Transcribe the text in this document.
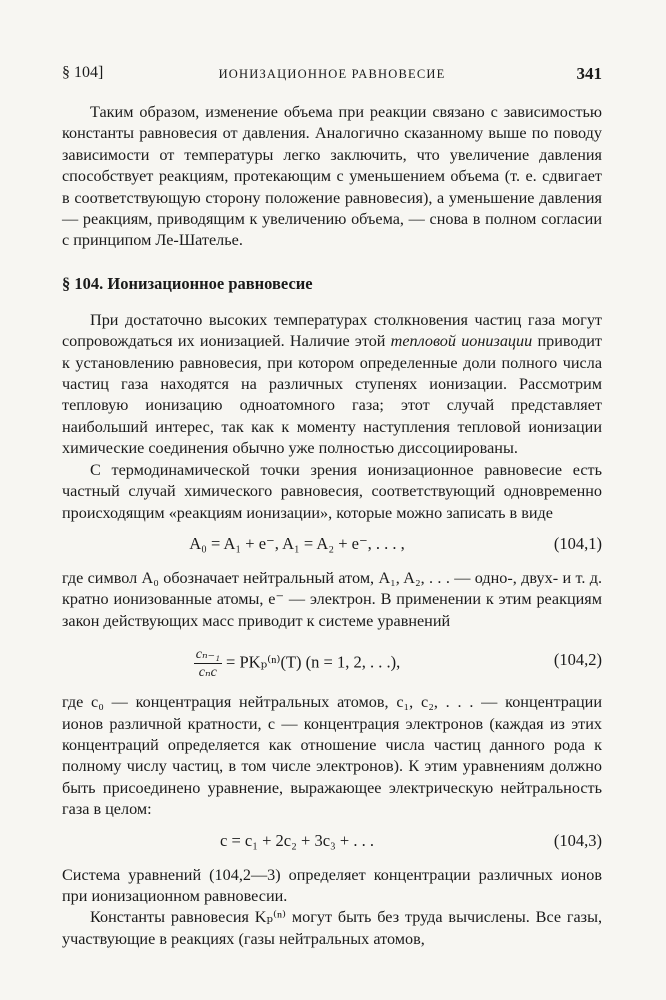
§ 104]	ИОНИЗАЦИОННОЕ РАВНОВЕСИЕ	341

Таким образом, изменение объема при реакции связано с зависимостью константы равновесия от давления. Аналогично сказанному выше по поводу зависимости от температуры легко заключить, что увеличение давления способствует реакциям, протекающим с уменьшением объема (т. е. сдвигает в соответствующую сторону положение равновесия), а уменьшение давления — реакциям, приводящим к увеличению объема, — снова в полном согласии с принципом Ле-Шателье.

§ 104. Ионизационное равновесие

При достаточно высоких температурах столкновения частиц газа могут сопровождаться их ионизацией. Наличие этой тепловой ионизации приводит к установлению равновесия, при котором определенные доли полного числа частиц газа находятся на различных ступенях ионизации. Рассмотрим тепловую ионизацию одноатомного газа; этот случай представляет наибольший интерес, так как к моменту наступления тепловой ионизации химические соединения обычно уже полностью диссоциированы.

С термодинамической точки зрения ионизационное равновесие есть частный случай химического равновесия, соответствующий одновременно происходящим «реакциям ионизации», которые можно записать в виде

A₀ = A₁ + e⁻, A₁ = A₂ + e⁻, . . . ,	(104,1)

где символ A₀ обозначает нейтральный атом, A₁, A₂, . . . — одно-, двух- и т. д. кратно ионизованные атомы, e⁻ — электрон. В применении к этим реакциям закон действующих масс приводит к системе уравнений

$\frac{\text{cₙ₋₁}}{\text{cₙc}} = PK_p^{(n)}(T) (n = 1$, 2, . . .),	(104,2)

где c₀ — концентрация нейтральных атомов, c₁, c₂, . . . — концентрации ионов различной кратности, c — концентрация электронов (каждая из этих концентраций определяется как отношение числа частиц данного рода к полному числу частиц, в том числе электронов). К этим уравнениям должно быть присоединено уравнение, выражающее электрическую нейтральность газа в целом:

c = c₁ + 2c₂ + 3c₃ + . . .	(104,3)

Система уравнений (104,2—3) определяет концентрации различных ионов при ионизационном равновесии.

Константы равновесия Kₚ⁽ⁿ⁾ могут быть без труда вычислены. Все газы, участвующие в реакциях (газы нейтральных атомов,
